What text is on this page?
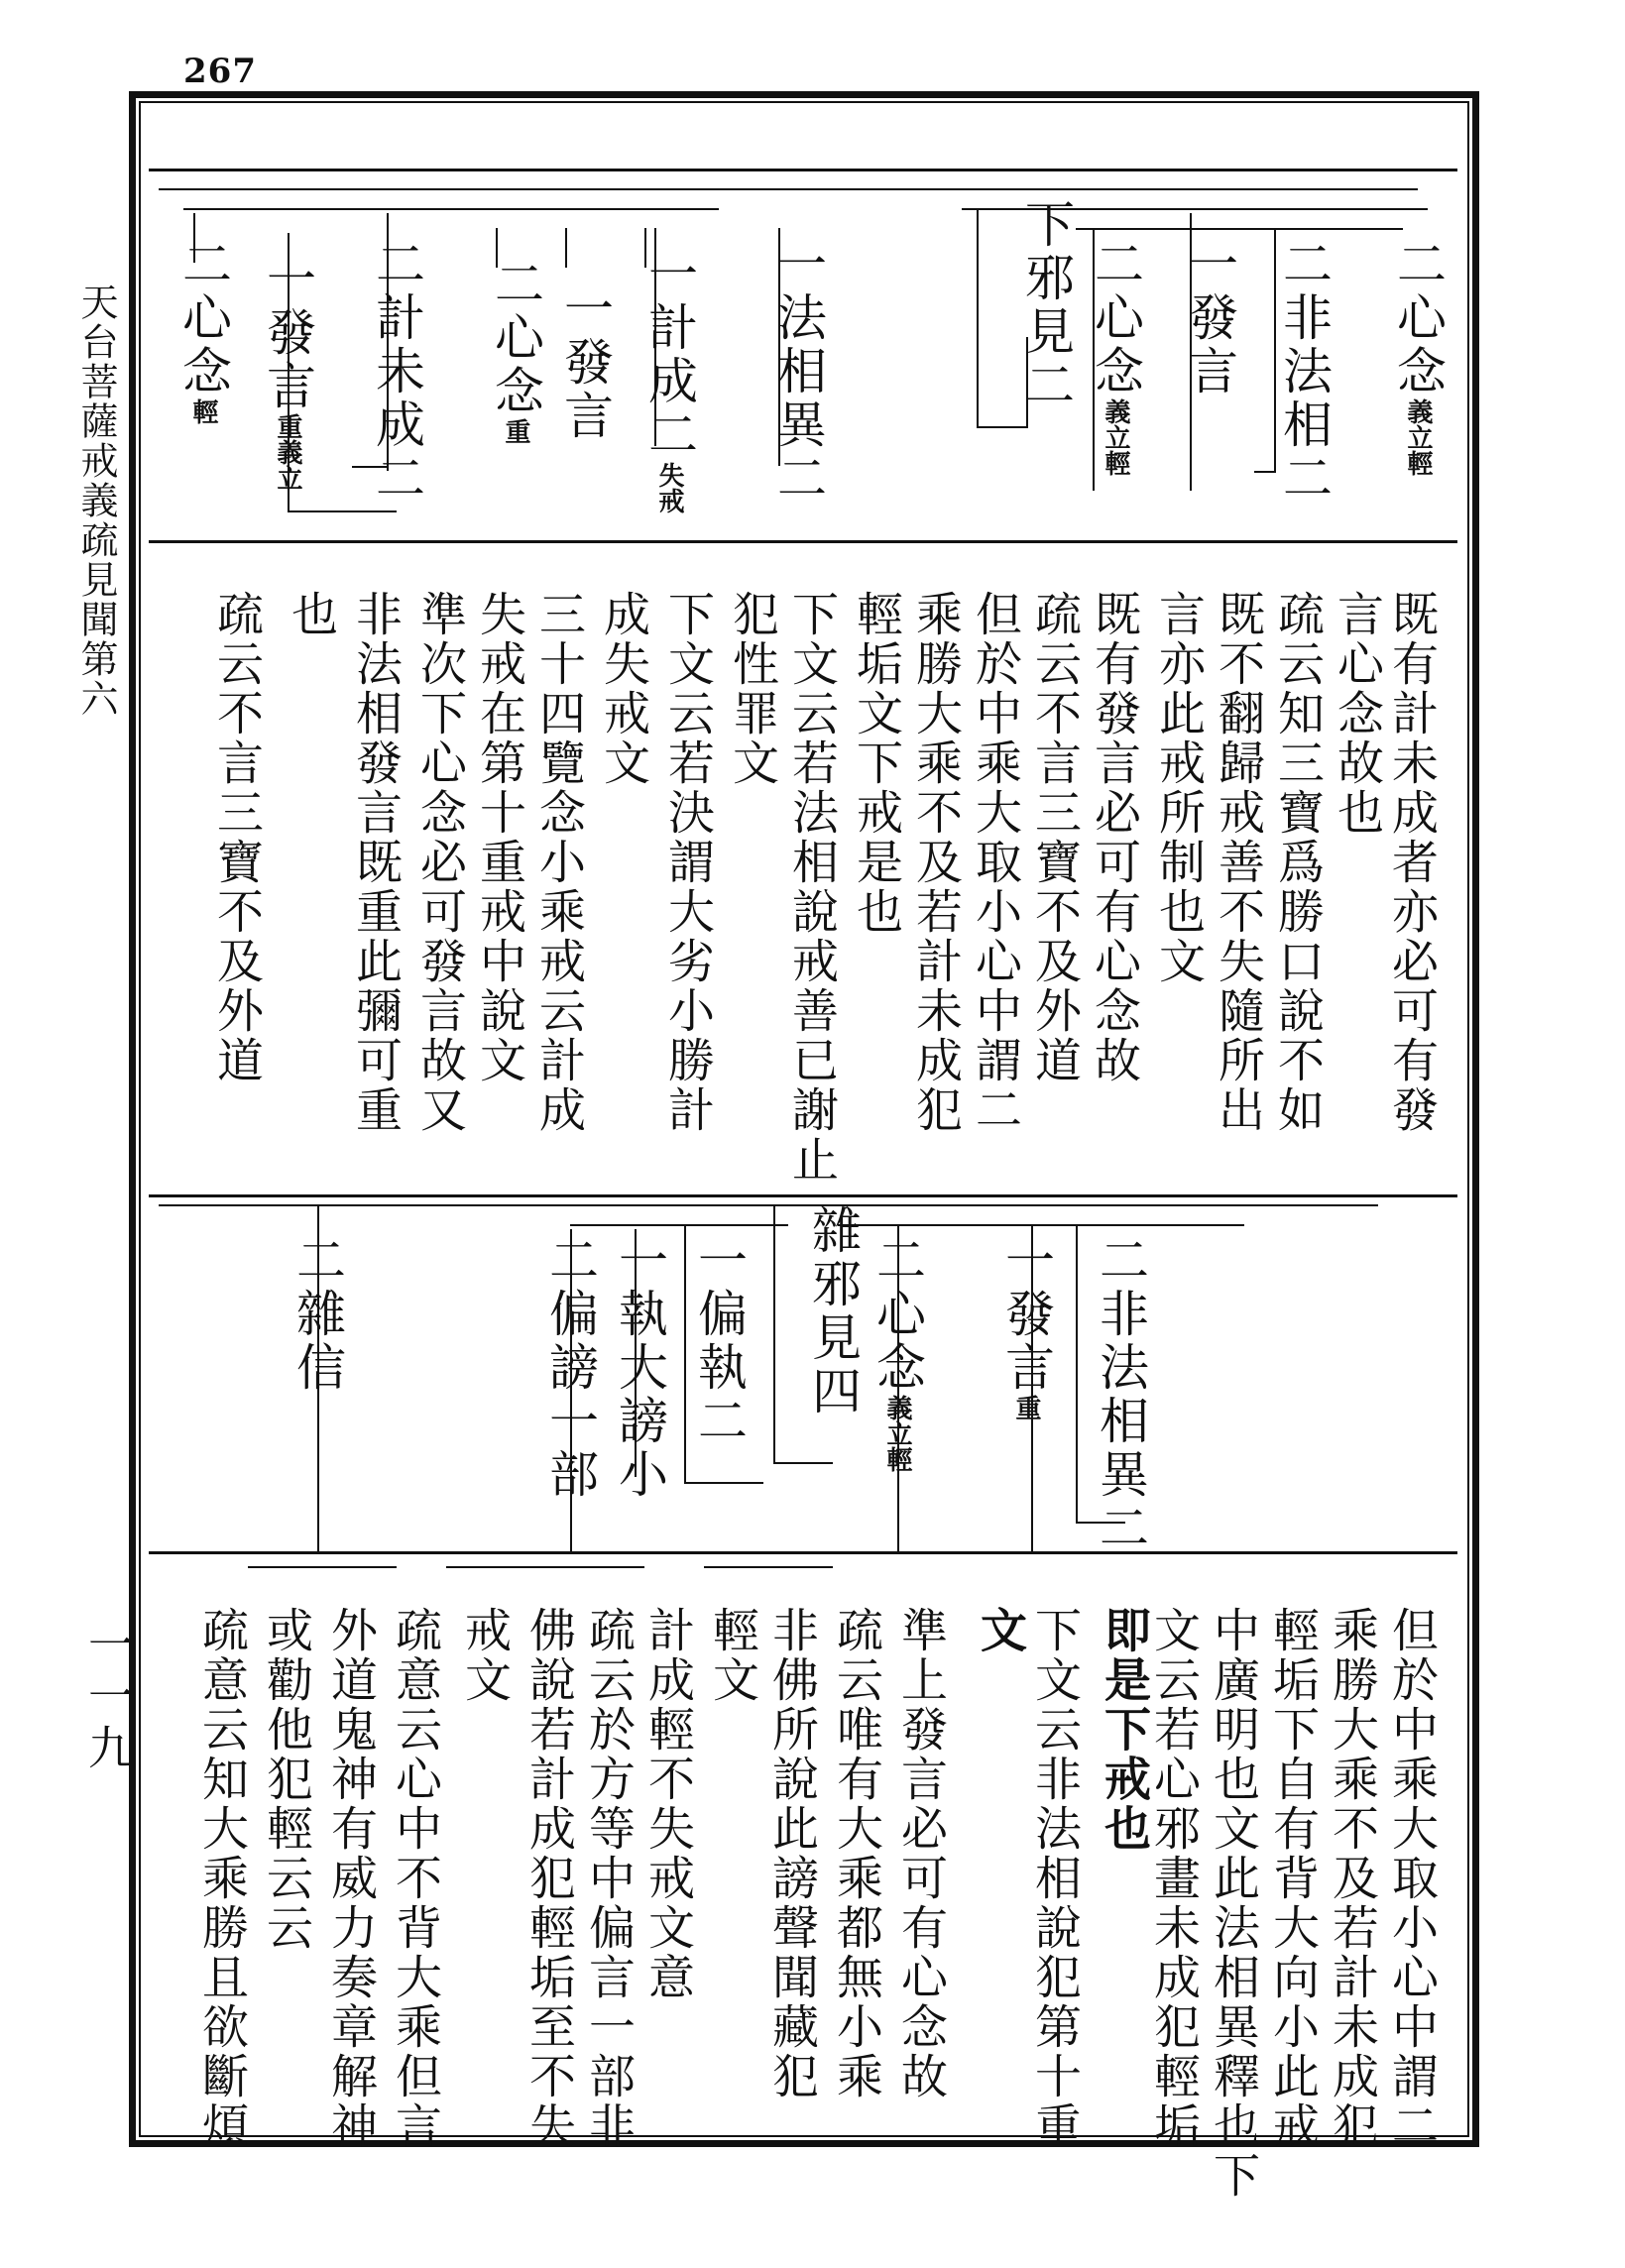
267
天台菩薩戒義疏見聞第六
一一九
二心念義立輕
二非法相二
一發言
二心念義立輕
下邪見二
一法相異二
一計成二失戒
一發言
二心念重
二計未成二
一發言重義立
二心念輕
既有計未成者亦必可有發
言心念故也
疏云知三寶爲勝口說不如
既不翻歸戒善不失隨所出
言亦此戒所制也文
既有發言必可有心念故
疏云不言三寶不及外道
但於中乘大取小心中謂二
乘勝大乘不及若計未成犯
輕垢文下戒是也
下文云若法相說戒善已謝止
犯性罪文
下文云若決謂大劣小勝計
成失戒文
三十四覽念小乘戒云計成
失戒在第十重戒中說文
準次下心念必可發言故又
非法相發言既重此彌可重
也
疏云不言三寶不及外道
二非法相異二
一發言重
二心念義立輕
雜邪見四
一偏執二
一執大謗小
二偏謗一部
二雜信
但於中乘大取小心中謂二
乘勝大乘不及若計未成犯
輕垢下自有背大向小此戒
中廣明也文此法相異釋也下
文云若心邪畫未成犯輕垢
即是下戒也
下文云非法相說犯第十重
文
準上發言必可有心念故
疏云唯有大乘都無小乘
非佛所說此謗聲聞藏犯
輕文
計成輕不失戒文意
疏云於方等中偏言一部非
佛說若計成犯輕垢至不失
戒文
疏意云心中不背大乘但言
外道鬼神有威力奏章解神
或勸他犯輕云云
疏意云知大乘勝且欲斷煩
